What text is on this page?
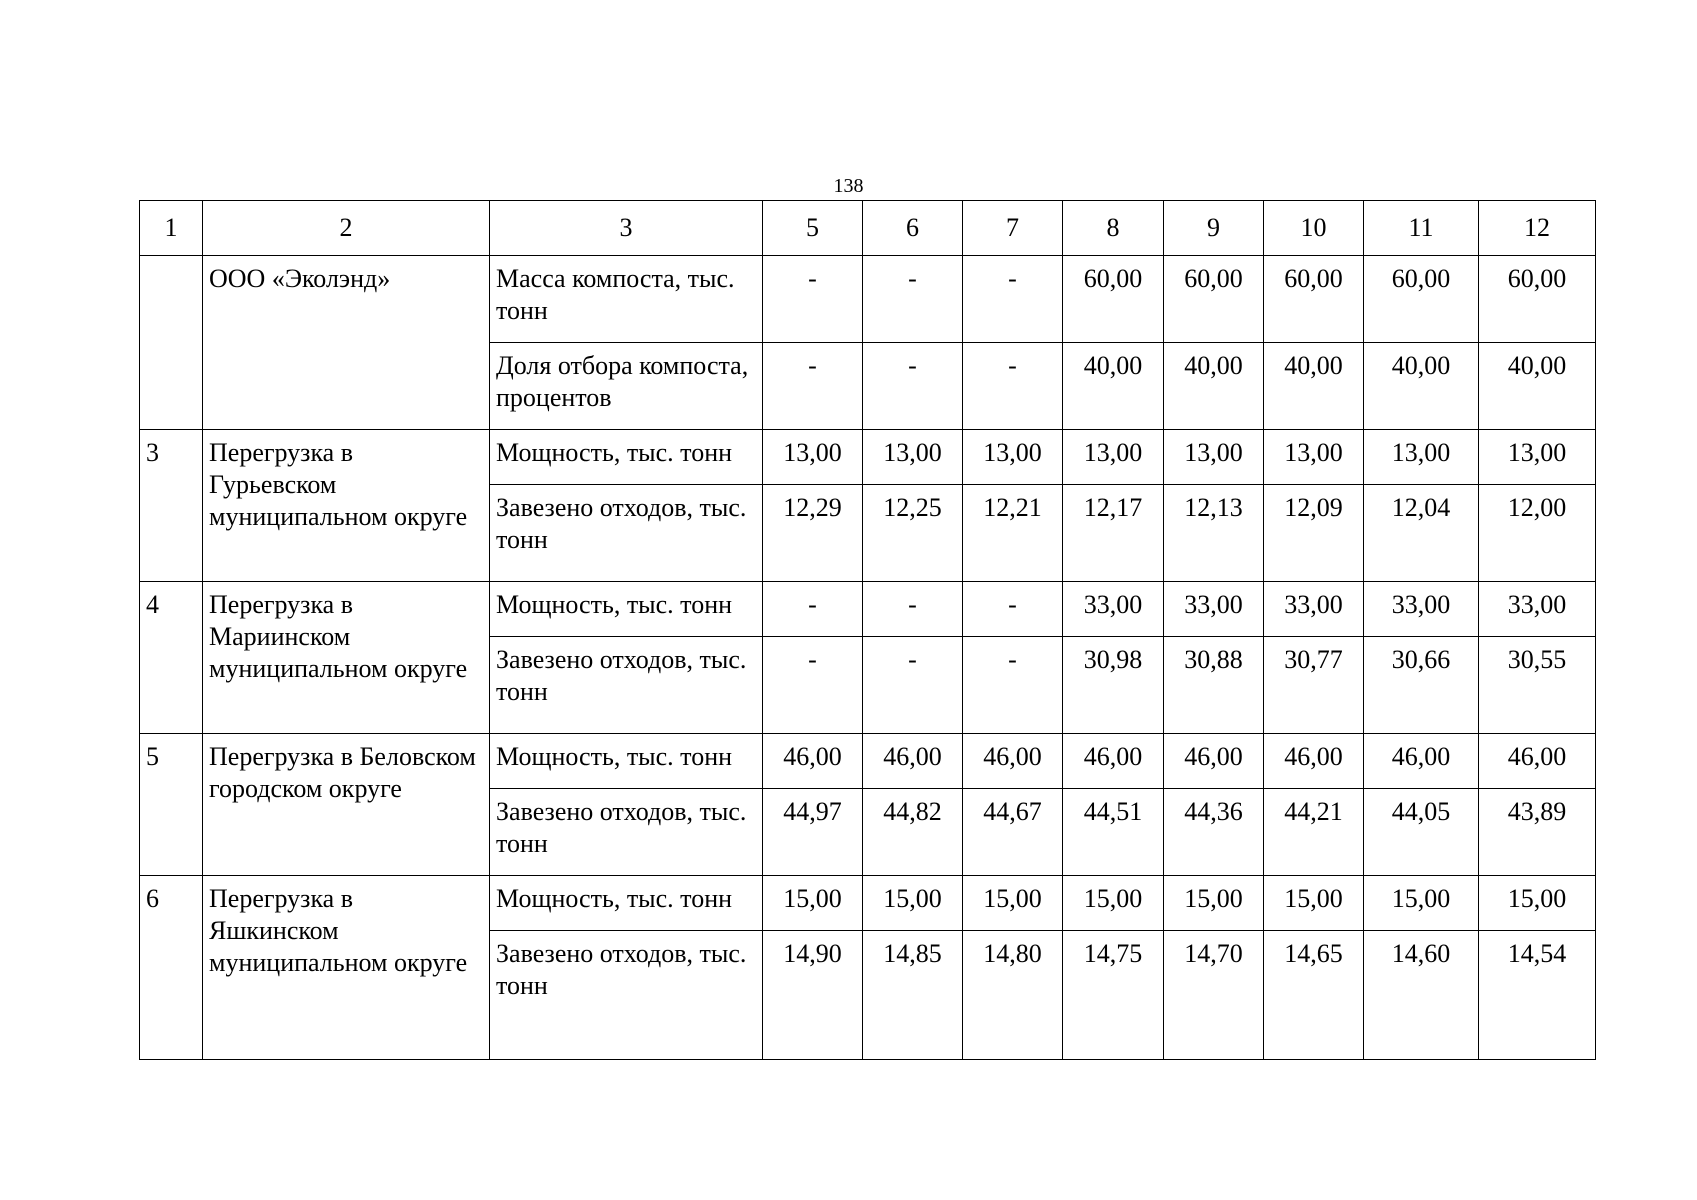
138
1	2	3	5	6	7	8	9	10	11	12
	ООО «Эколэнд»	Масса компоста, тыс. тонн	-	-	-	60,00	60,00	60,00	60,00	60,00
		Доля отбора компоста, процентов	-	-	-	40,00	40,00	40,00	40,00	40,00
3	Перегрузка в Гурьевском муниципальном округе	Мощность, тыс. тонн	13,00	13,00	13,00	13,00	13,00	13,00	13,00	13,00
		Завезено отходов, тыс. тонн	12,29	12,25	12,21	12,17	12,13	12,09	12,04	12,00
4	Перегрузка в Мариинском муниципальном округе	Мощность, тыс. тонн	-	-	-	33,00	33,00	33,00	33,00	33,00
		Завезено отходов, тыс. тонн	-	-	-	30,98	30,88	30,77	30,66	30,55
5	Перегрузка в Беловском городском округе	Мощность, тыс. тонн	46,00	46,00	46,00	46,00	46,00	46,00	46,00	46,00
		Завезено отходов, тыс. тонн	44,97	44,82	44,67	44,51	44,36	44,21	44,05	43,89
6	Перегрузка в Яшкинском муниципальном округе	Мощность, тыс. тонн	15,00	15,00	15,00	15,00	15,00	15,00	15,00	15,00
		Завезено отходов, тыс. тонн	14,90	14,85	14,80	14,75	14,70	14,65	14,60	14,54
